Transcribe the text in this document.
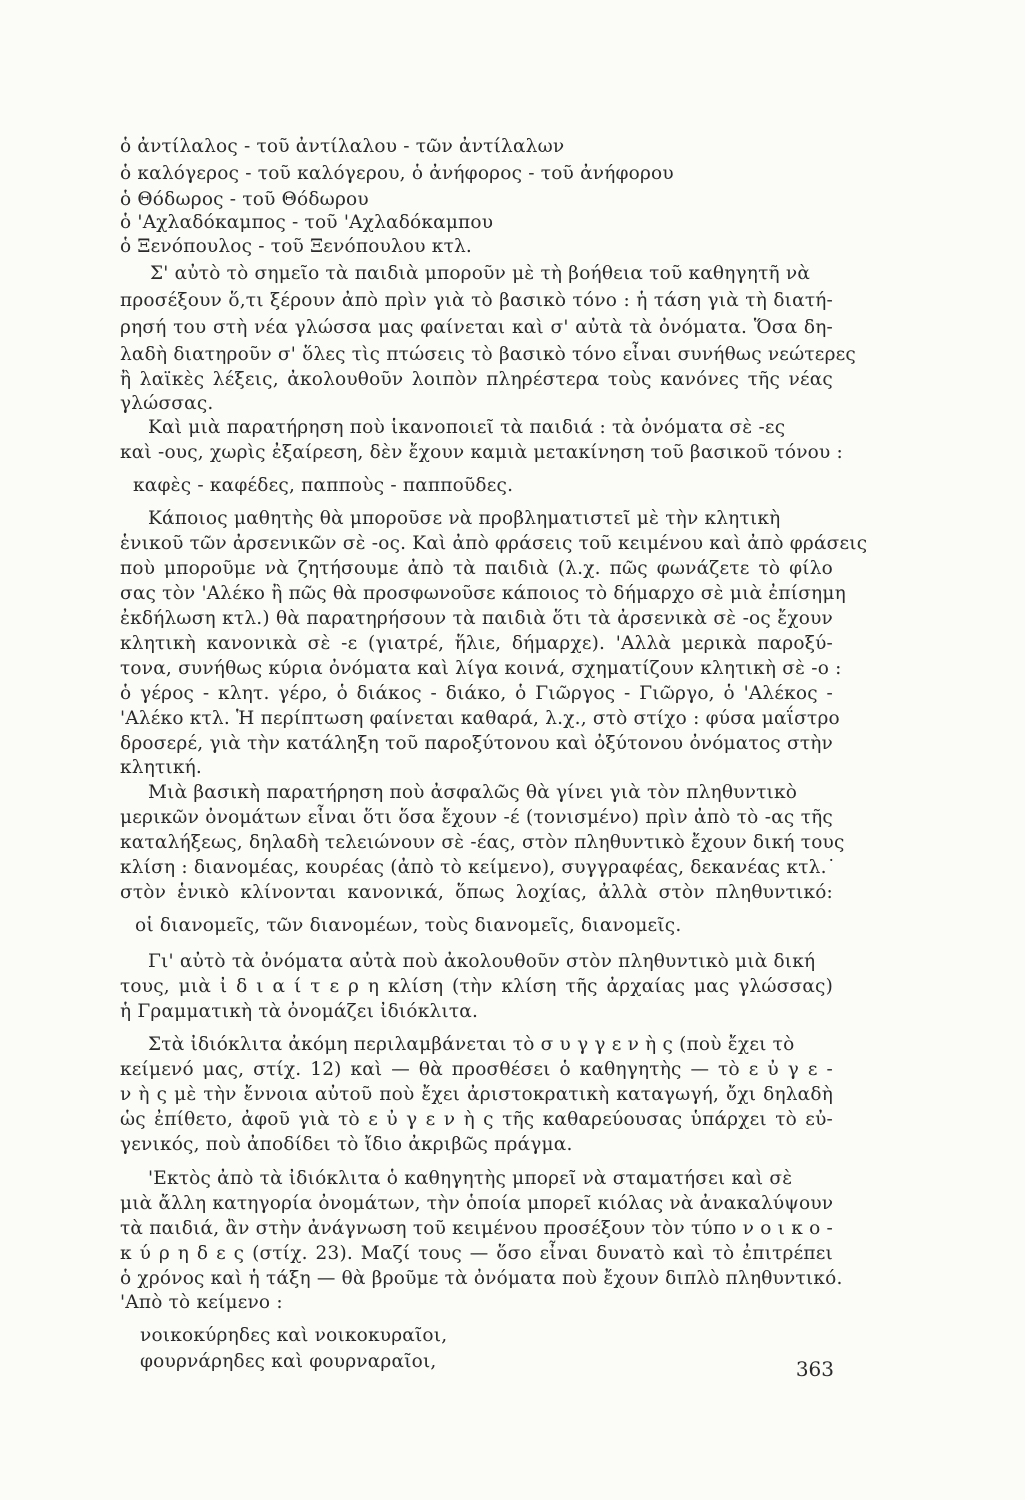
ὁ ἀντίλαλος - τοῦ ἀντίλαλου - τῶν ἀντίλαλων
ὁ καλόγερος - τοῦ καλόγερου, ὁ ἀνήφορος - τοῦ ἀνήφορου
ὁ Θόδωρος - τοῦ Θόδωρου
ὁ 'Αχλαδόκαμπος - τοῦ 'Αχλαδόκαμπου
ὁ Ξενόπουλος - τοῦ Ξενόπουλου κτλ.
Σ' αὐτὸ τὸ σημεῖο τὰ παιδιὰ μποροῦν μὲ τὴ βοήθεια τοῦ καθηγητῆ νὰ
προσέξουν ὅ,τι ξέρουν ἀπὸ πρὶν γιὰ τὸ βασικὸ τόνο : ἡ τάση γιὰ τὴ διατή-
ρησή του στὴ νέα γλώσσα μας φαίνεται καὶ σ' αὐτὰ τὰ ὀνόματα. Ὅσα δη-
λαδὴ διατηροῦν σ' ὅλες τὶς πτώσεις τὸ βασικὸ τόνο εἶναι συνήθως νεώτερες
ἢ λαϊκὲς λέξεις, ἀκολουθοῦν λοιπὸν πληρέστερα τοὺς κανόνες τῆς νέας
γλώσσας.
Καὶ μιὰ παρατήρηση ποὺ ἱκανοποιεῖ τὰ παιδιά : τὰ ὀνόματα σὲ -ες
καὶ -ους, χωρὶς ἐξαίρεση, δὲν ἔχουν καμιὰ μετακίνηση τοῦ βασικοῦ τόνου :
καφὲς - καφέδες, παπποὺς - παπποῦδες.
Κάποιος μαθητὴς θὰ μποροῦσε νὰ προβληματιστεῖ μὲ τὴν κλητικὴ
ἑνικοῦ τῶν ἀρσενικῶν σὲ -ος. Καὶ ἀπὸ φράσεις τοῦ κειμένου καὶ ἀπὸ φράσεις
ποὺ μποροῦμε νὰ ζητήσουμε ἀπὸ τὰ παιδιὰ (λ.χ. πῶς φωνάζετε τὸ φίλο
σας τὸν 'Αλέκο ἢ πῶς θὰ προσφωνοῦσε κάποιος τὸ δήμαρχο σὲ μιὰ ἐπίσημη
ἐκδήλωση κτλ.) θὰ παρατηρήσουν τὰ παιδιὰ ὅτι τὰ ἀρσενικὰ σὲ -ος ἔχουν
κλητικὴ κανονικὰ σὲ -ε (γιατρέ, ἥλιε, δήμαρχε). 'Αλλὰ μερικὰ παροξύ-
τονα, συνήθως κύρια ὀνόματα καὶ λίγα κοινά, σχηματίζουν κλητικὴ σὲ -ο :
ὁ γέρος - κλητ. γέρο, ὁ διάκος - διάκο, ὁ Γιῶργος - Γιῶργο, ὁ 'Αλέκος -
'Αλέκο κτλ. Ἡ περίπτωση φαίνεται καθαρά, λ.χ., στὸ στίχο : φύσα μαΐστρο
δροσερέ, γιὰ τὴν κατάληξη τοῦ παροξύτονου καὶ ὀξύτονου ὀνόματος στὴν
κλητική.
Μιὰ βασικὴ παρατήρηση ποὺ ἀσφαλῶς θὰ γίνει γιὰ τὸν πληθυντικὸ
μερικῶν ὀνομάτων εἶναι ὅτι ὅσα ἔχουν -έ (τονισμένο) πρὶν ἀπὸ τὸ -ας τῆς
καταλήξεως, δηλαδὴ τελειώνουν σὲ -έας, στὸν πληθυντικὸ ἔχουν δική τους
κλίση : διανομέας, κουρέας (ἀπὸ τὸ κείμενο), συγγραφέας, δεκανέας κτλ.˙
στὸν ἑνικὸ κλίνονται κανονικά, ὅπως λοχίας, ἀλλὰ στὸν πληθυντικό:
οἱ διανομεῖς, τῶν διανομέων, τοὺς διανομεῖς, διανομεῖς.
Γι' αὐτὸ τὰ ὀνόματα αὐτὰ ποὺ ἀκολουθοῦν στὸν πληθυντικὸ μιὰ δική
τους, μιὰ ἰ δ ι α ί τ ε ρ η κλίση (τὴν κλίση τῆς ἀρχαίας μας γλώσσας)
ἡ Γραμματικὴ τὰ ὀνομάζει ἰδιόκλιτα.
Στὰ ἰδιόκλιτα ἀκόμη περιλαμβάνεται τὸ σ υ γ γ ε ν ὴ ς (ποὺ ἔχει τὸ
κείμενό μας, στίχ. 12) καὶ — θὰ προσθέσει ὁ καθηγητὴς — τὸ ε ὐ γ ε -
ν ὴ ς μὲ τὴν ἔννοια αὐτοῦ ποὺ ἔχει ἀριστοκρατικὴ καταγωγή, ὄχι δηλαδὴ
ὡς ἐπίθετο, ἀφοῦ γιὰ τὸ ε ὐ γ ε ν ὴ ς τῆς καθαρεύουσας ὑπάρχει τὸ εὐ-
γενικός, ποὺ ἀποδίδει τὸ ἴδιο ἀκριβῶς πράγμα.
'Εκτὸς ἀπὸ τὰ ἰδιόκλιτα ὁ καθηγητὴς μπορεῖ νὰ σταματήσει καὶ σὲ
μιὰ ἄλλη κατηγορία ὀνομάτων, τὴν ὁποία μπορεῖ κιόλας νὰ ἀνακαλύψουν
τὰ παιδιά, ἂν στὴν ἀνάγνωση τοῦ κειμένου προσέξουν τὸν τύπο ν ο ι κ ο -
κ ύ ρ η δ ε ς (στίχ. 23). Μαζί τους — ὅσο εἶναι δυνατὸ καὶ τὸ ἐπιτρέπει
ὁ χρόνος καὶ ἡ τάξη — θὰ βροῦμε τὰ ὀνόματα ποὺ ἔχουν διπλὸ πληθυντικό.
'Απὸ τὸ κείμενο :
νοικοκύρηδες καὶ νοικοκυραῖοι,
φουρνάρηδες καὶ φουρναραῖοι,	363
